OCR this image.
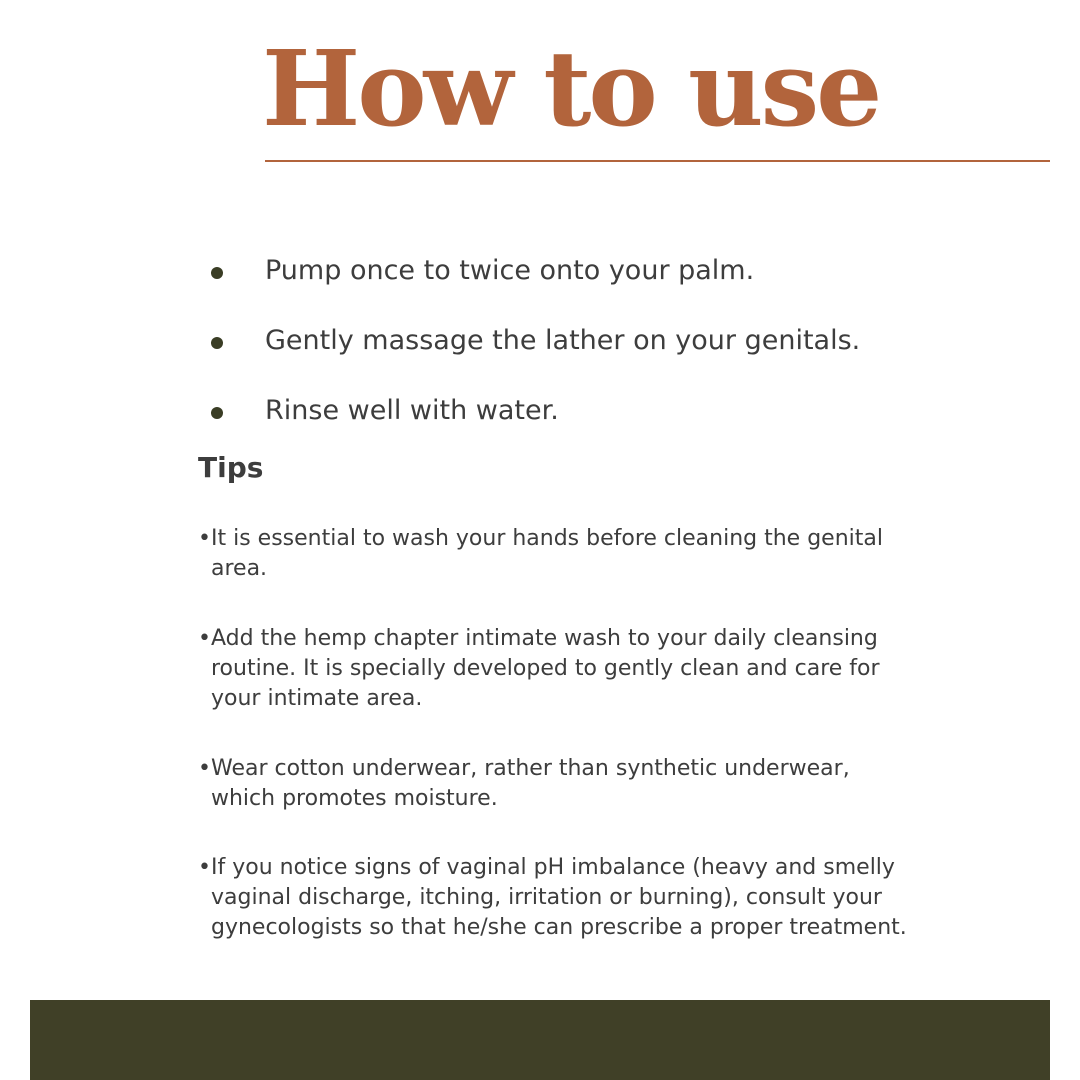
How to use
Pump once to twice onto your palm.
Gently massage the lather on your genitals.
Rinse well with water.
Tips
• It is essential to wash your hands before cleaning the genital area.

• Add the hemp chapter intimate wash to your daily cleansing routine. It is specially developed to gently clean and care for your intimate area.

• Wear cotton underwear, rather than synthetic underwear, which promotes moisture.

• If you notice signs of vaginal pH imbalance (heavy and smelly vaginal discharge, itching, irritation or burning), consult your gynecologists so that he/she can prescribe a proper treatment.
